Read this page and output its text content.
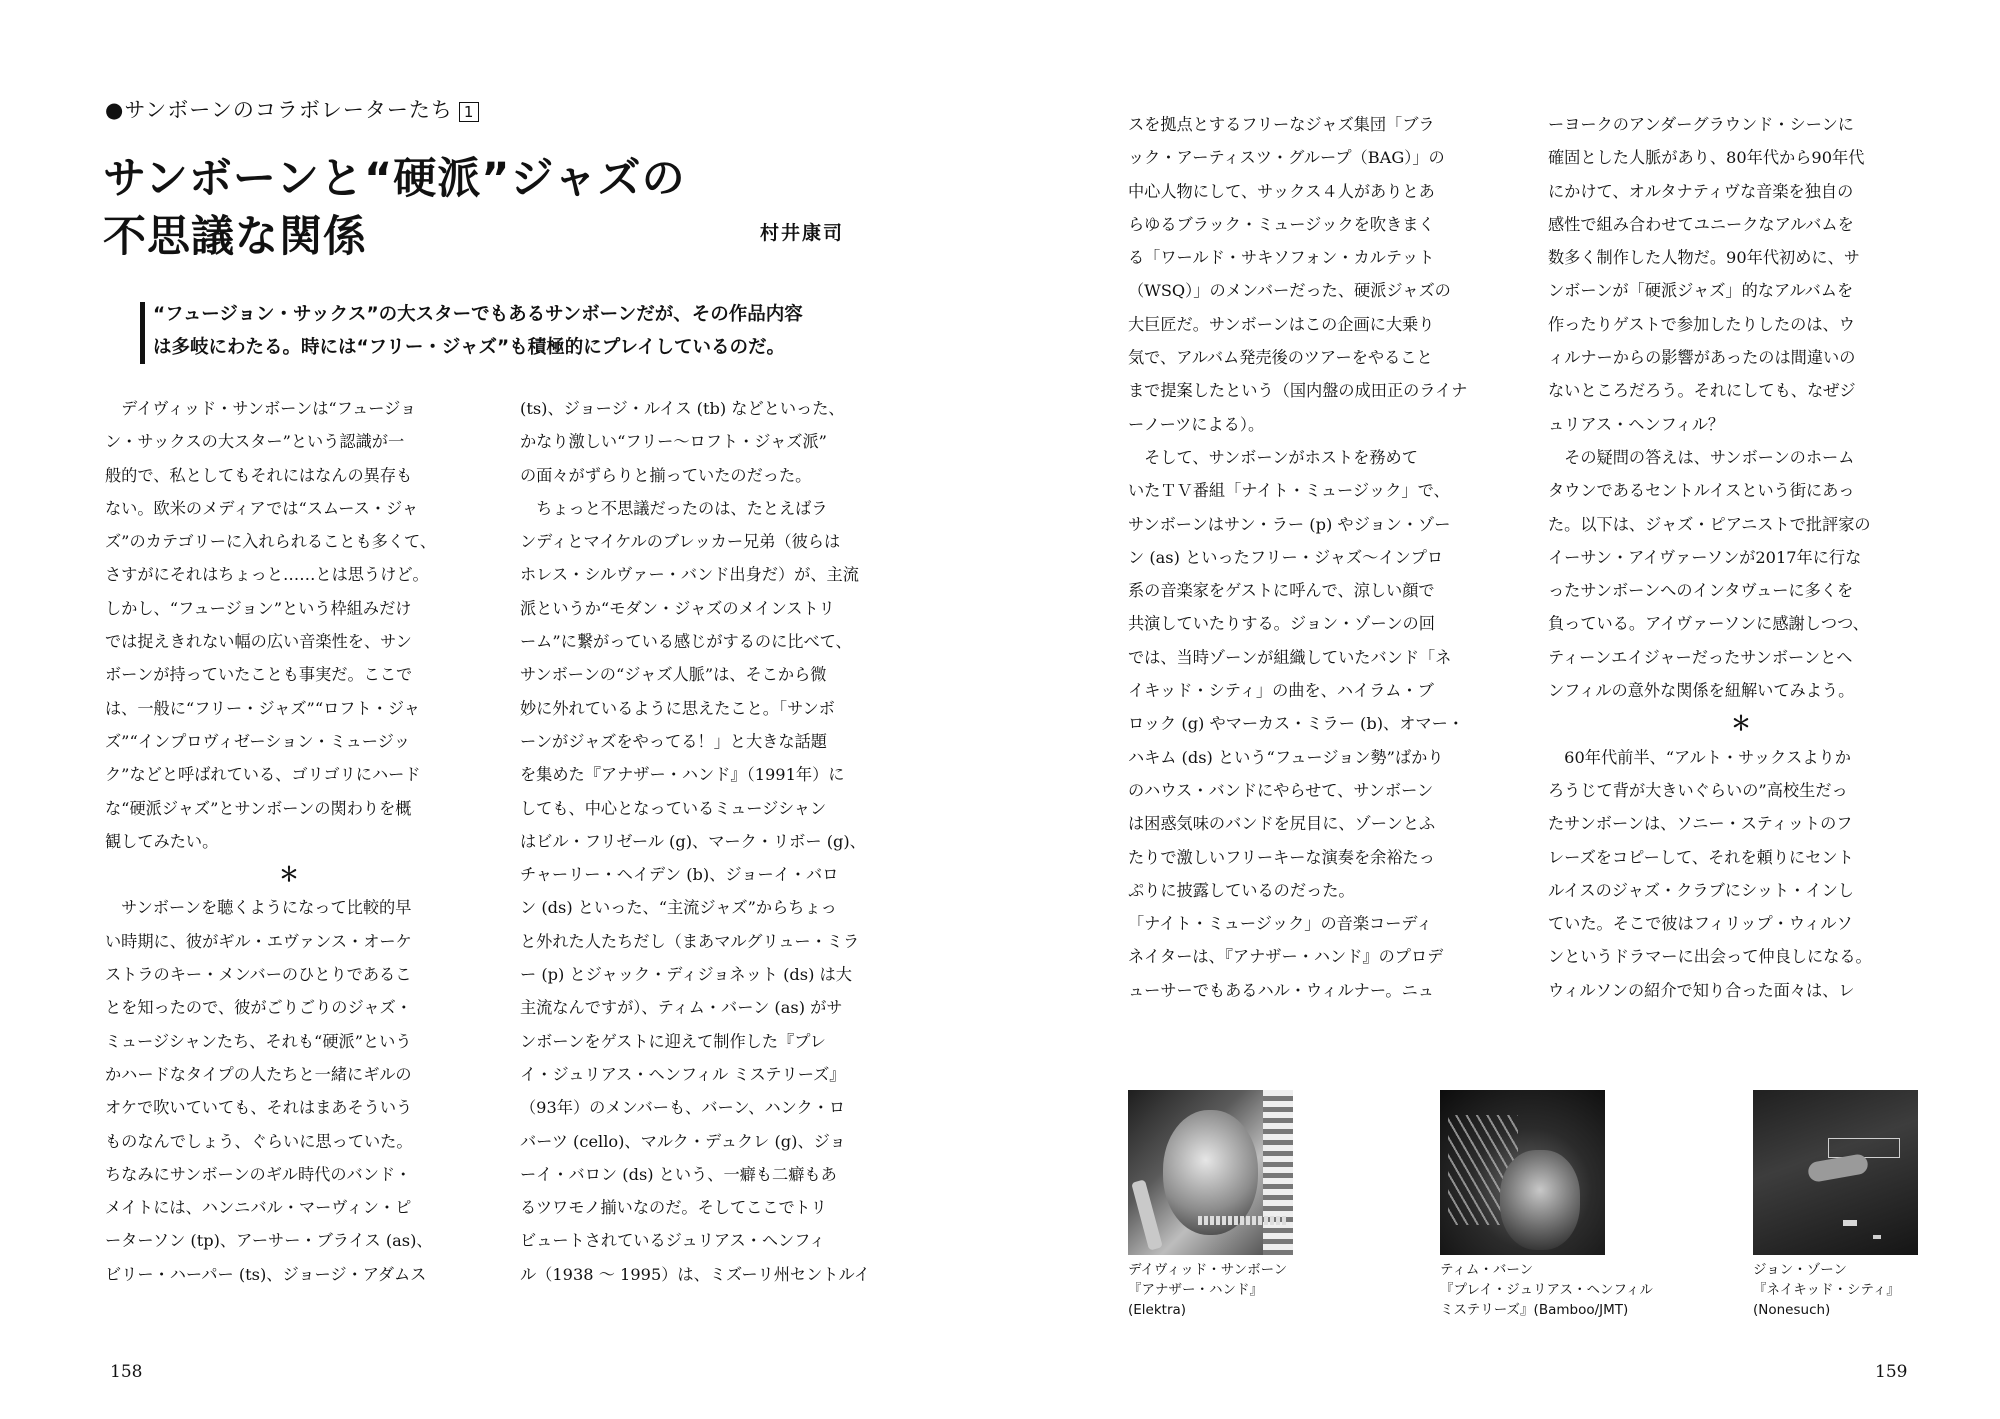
●サンボーンのコラボレーターたち 1
サンボーンと“硬派”ジャズの
不思議な関係	村井康司
“フュージョン・サックス”の大スターでもあるサンボーンだが、その作品内容
は多岐にわたる。時には“フリー・ジャズ”も積極的にプレイしているのだ。
　デイヴィッド・サンボーンは“フュージョ
ン・サックスの大スター”という認識が一
般的で、私としてもそれにはなんの異存も
ない。欧米のメディアでは“スムース・ジャ
ズ”のカテゴリーに入れられることも多くて、
さすがにそれはちょっと……とは思うけど。
しかし、“フュージョン”という枠組みだけ
では捉えきれない幅の広い音楽性を、サン
ボーンが持っていたことも事実だ。ここで
は、一般に“フリー・ジャズ”“ロフト・ジャ
ズ”“インプロヴィゼーション・ミュージッ
ク”などと呼ばれている、ゴリゴリにハード
な“硬派ジャズ”とサンボーンの関わりを概
観してみたい。
＊
　サンボーンを聴くようになって比較的早
い時期に、彼がギル・エヴァンス・オーケ
ストラのキー・メンバーのひとりであるこ
とを知ったので、彼がごりごりのジャズ・
ミュージシャンたち、それも“硬派”という
かハードなタイプの人たちと一緒にギルの
オケで吹いていても、それはまあそういう
ものなんでしょう、ぐらいに思っていた。
ちなみにサンボーンのギル時代のバンド・
メイトには、ハンニバル・マーヴィン・ピ
ーターソン (tp)、アーサー・ブライス (as)、
ビリー・ハーパー (ts)、ジョージ・アダムス
(ts)、ジョージ・ルイス (tb) などといった、
かなり激しい“フリー〜ロフト・ジャズ派”
の面々がずらりと揃っていたのだった。
　ちょっと不思議だったのは、たとえばラ
ンディとマイケルのブレッカー兄弟（彼らは
ホレス・シルヴァー・バンド出身だ）が、主流
派というか“モダン・ジャズのメインストリ
ーム”に繋がっている感じがするのに比べて、
サンボーンの“ジャズ人脈”は、そこから微
妙に外れているように思えたこと。「サンボ
ーンがジャズをやってる！」と大きな話題
を集めた『アナザー・ハンド』（1991年）に
しても、中心となっているミュージシャン
はビル・フリゼール (g)、マーク・リボー (g)、
チャーリー・ヘイデン (b)、ジョーイ・バロ
ン (ds) といった、“主流ジャズ”からちょっ
と外れた人たちだし（まあマルグリュー・ミラ
ー (p) とジャック・ディジョネット (ds) は大
主流なんですが）、ティム・バーン (as) がサ
ンボーンをゲストに迎えて制作した『プレ
イ・ジュリアス・ヘンフィル ミステリーズ』
（93年）のメンバーも、バーン、ハンク・ロ
バーツ (cello)、マルク・デュクレ (g)、ジョ
ーイ・バロン (ds) という、一癖も二癖もあ
るツワモノ揃いなのだ。そしてここでトリ
ビュートされているジュリアス・ヘンフィ
ル（1938 〜 1995）は、ミズーリ州セントルイ
158
スを拠点とするフリーなジャズ集団「ブラ
ック・アーティスツ・グループ（BAG）」の
中心人物にして、サックス４人がありとあ
らゆるブラック・ミュージックを吹きまく
る「ワールド・サキソフォン・カルテット
（WSQ）」のメンバーだった、硬派ジャズの
大巨匠だ。サンボーンはこの企画に大乗り
気で、アルバム発売後のツアーをやること
まで提案したという（国内盤の成田正のライナ
ーノーツによる）。
　そして、サンボーンがホストを務めて
いたＴＶ番組「ナイト・ミュージック」で、
サンボーンはサン・ラー (p) やジョン・ゾー
ン (as) といったフリー・ジャズ〜インプロ
系の音楽家をゲストに呼んで、涼しい顔で
共演していたりする。ジョン・ゾーンの回
では、当時ゾーンが組織していたバンド「ネ
イキッド・シティ」の曲を、ハイラム・ブ
ロック (g) やマーカス・ミラー (b)、オマー・
ハキム (ds) という“フュージョン勢”ばかり
のハウス・バンドにやらせて、サンボーン
は困惑気味のバンドを尻目に、ゾーンとふ
たりで激しいフリーキーな演奏を余裕たっ
ぷりに披露しているのだった。
「ナイト・ミュージック」の音楽コーディ
ネイターは、『アナザー・ハンド』のプロデ
ューサーでもあるハル・ウィルナー。ニュ
ーヨークのアンダーグラウンド・シーンに
確固とした人脈があり、80年代から90年代
にかけて、オルタナティヴな音楽を独自の
感性で組み合わせてユニークなアルバムを
数多く制作した人物だ。90年代初めに、サ
ンボーンが「硬派ジャズ」的なアルバムを
作ったりゲストで参加したりしたのは、ウ
ィルナーからの影響があったのは間違いの
ないところだろう。それにしても、なぜジ
ュリアス・ヘンフィル？
　その疑問の答えは、サンボーンのホーム
タウンであるセントルイスという街にあっ
た。以下は、ジャズ・ピアニストで批評家の
イーサン・アイヴァーソンが2017年に行な
ったサンボーンへのインタヴューに多くを
負っている。アイヴァーソンに感謝しつつ、
ティーンエイジャーだったサンボーンとヘ
ンフィルの意外な関係を紐解いてみよう。
＊
　60年代前半、“アルト・サックスよりか
ろうじて背が大きいぐらいの”高校生だっ
たサンボーンは、ソニー・スティットのフ
レーズをコピーして、それを頼りにセント
ルイスのジャズ・クラブにシット・インし
ていた。そこで彼はフィリップ・ウィルソ
ンというドラマーに出会って仲良しになる。
ウィルソンの紹介で知り合った面々は、レ
デイヴィッド・サンボーン
『アナザー・ハンド』
(Elektra)
ティム・バーン
『プレイ・ジュリアス・ヘンフィル
ミステリーズ』(Bamboo/JMT)
ジョン・ゾーン
『ネイキッド・シティ』
(Nonesuch)
159
